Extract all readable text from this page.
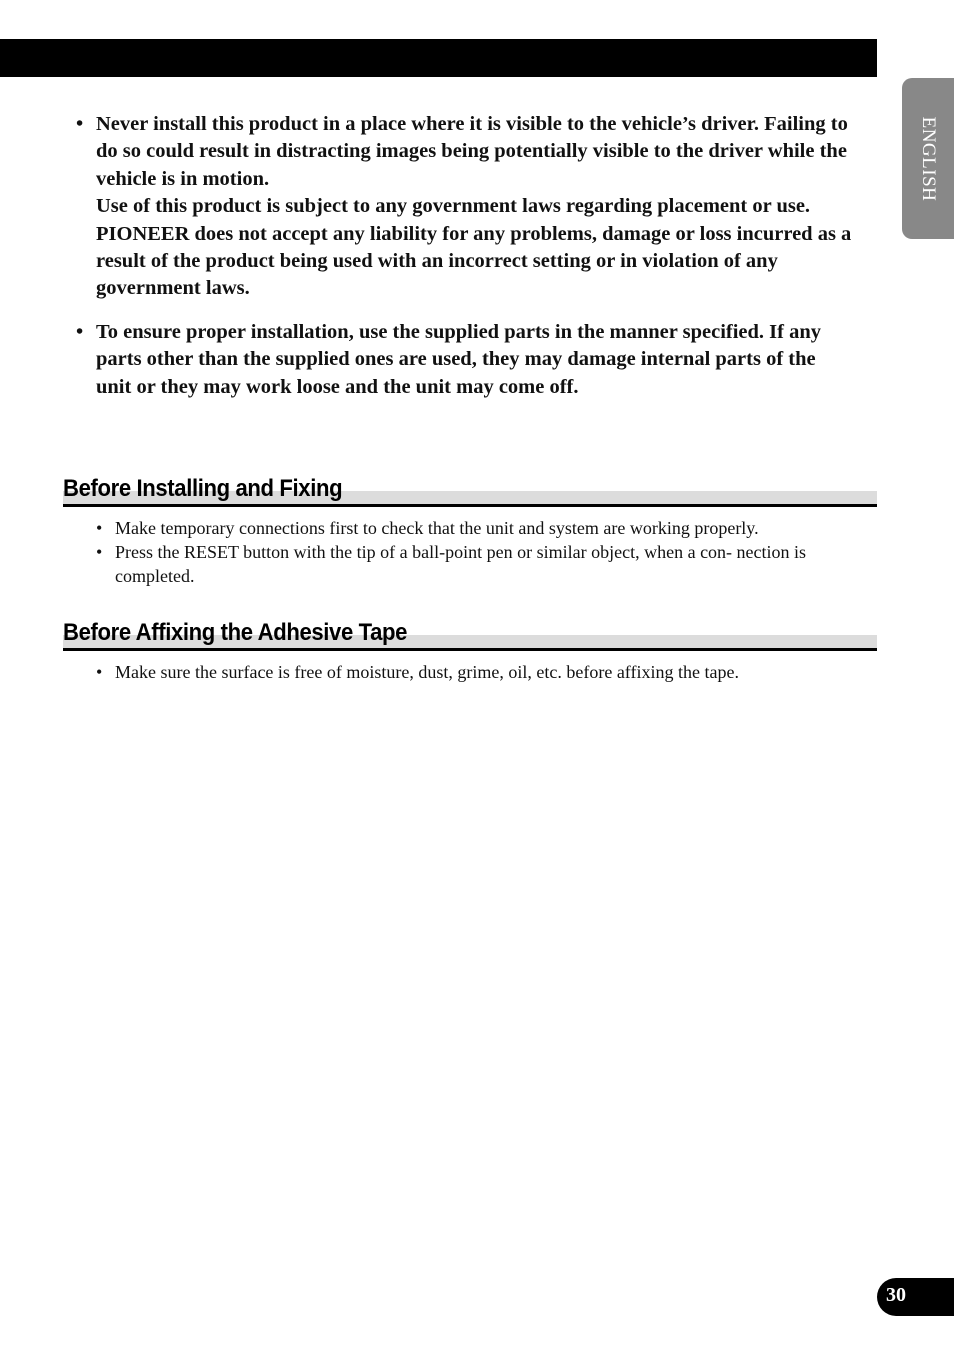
ENGLISH
• Never install this product in a place where it is visible to the vehicle’s driver. Failing to do so could result in distracting images being potentially visible to the driver while the vehicle is in motion.

Use of this product is subject to any government laws regarding placement or use.

PIONEER does not accept any liability for any problems, damage or loss incurred as a result of the product being used with an incorrect setting or in violation of any government laws.

• To ensure proper installation, use the supplied parts in the manner specified. If any parts other than the supplied ones are used, they may damage internal parts of the unit or they may work loose and the unit may come off.

Before Installing and Fixing
• Make temporary connections first to check that the unit and system are working properly.
• Press the RESET button with the tip of a ball-point pen or similar object, when a con- nection is completed.
Before Affixing the Adhesive Tape
• Make sure the surface is free of moisture, dust, grime, oil, etc. before affixing the tape.
30
